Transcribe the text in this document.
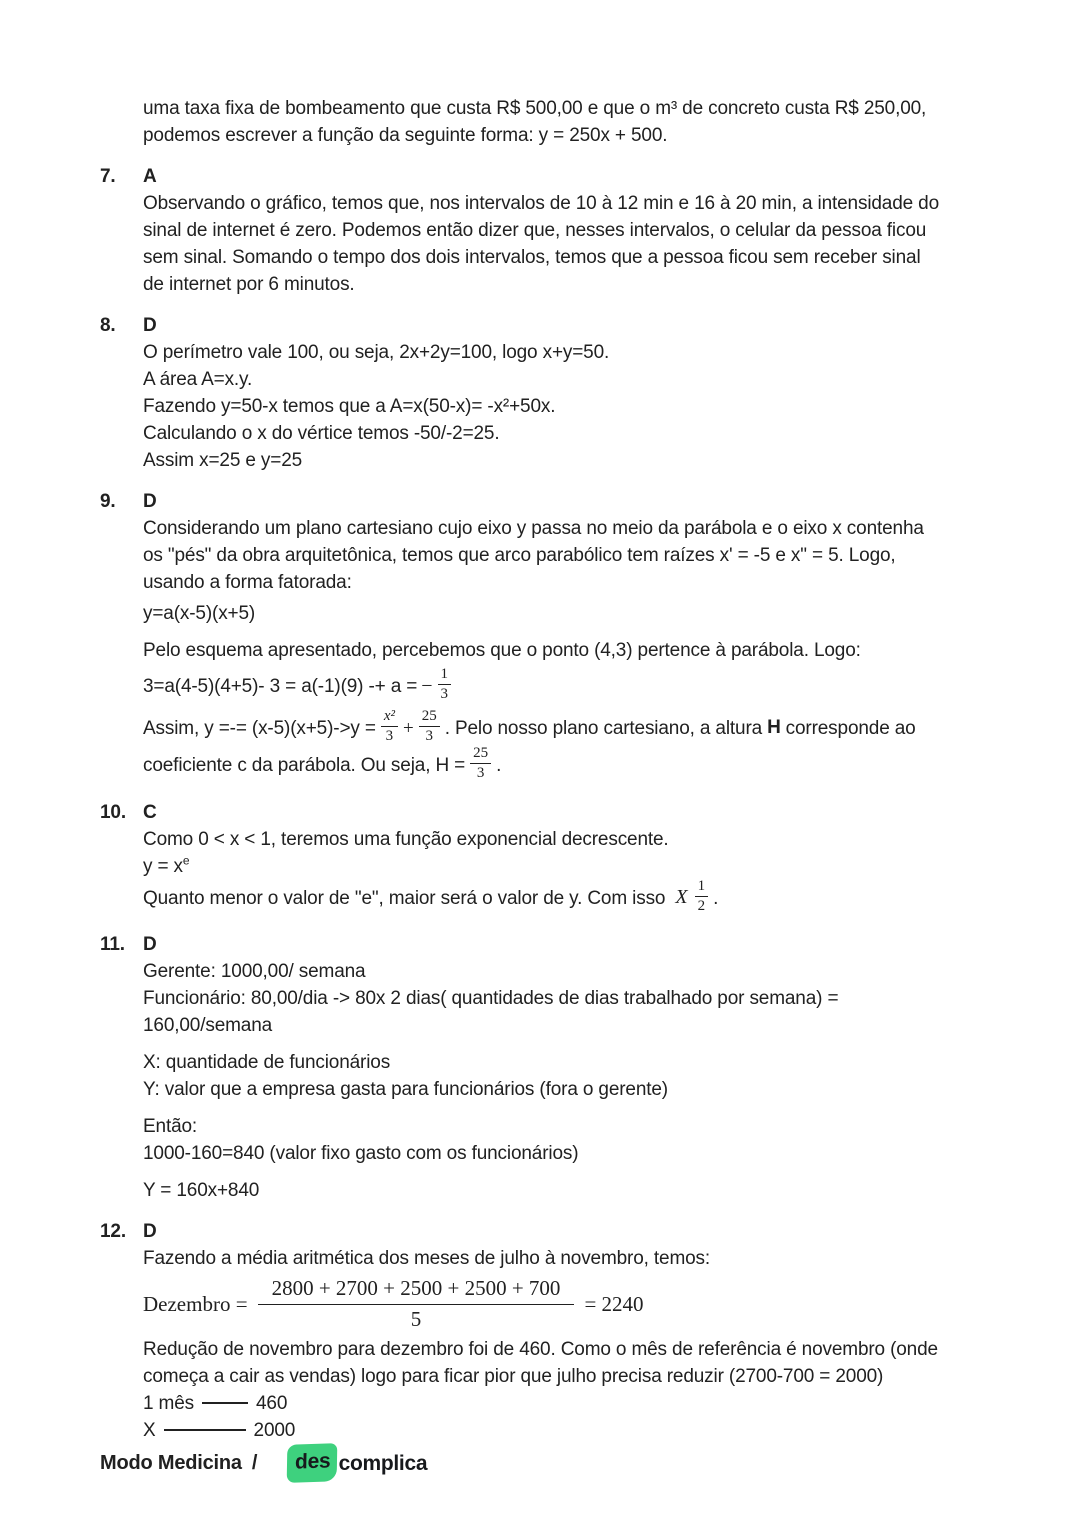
uma taxa fixa de bombeamento que custa R$ 500,00 e que o m³ de concreto custa R$ 250,00,
podemos escrever a função da seguinte forma: y = 250x + 500.
7.	A
Observando o gráfico, temos que, nos intervalos de 10 à 12 min e 16 à 20 min, a intensidade do
sinal de internet é zero. Podemos então dizer que, nesses intervalos, o celular da pessoa ficou
sem sinal. Somando o tempo dos dois intervalos, temos que a pessoa ficou sem receber sinal
de internet por 6 minutos.
8.	D
O perímetro vale 100, ou seja, 2x+2y=100, logo x+y=50.
A área A=x.y.
Fazendo y=50-x temos que a A=x(50-x)= -x²+50x.
Calculando o x do vértice temos -50/-2=25.
Assim x=25 e y=25
9.	D
Considerando um plano cartesiano cujo eixo y passa no meio da parábola e o eixo x contenha
os "pés" da obra arquitetônica, temos que arco parabólico tem raízes x' = -5 e x" = 5. Logo,
usando a forma fatorada:
y=a(x-5)(x+5)
Pelo esquema apresentado, percebemos que o ponto (4,3) pertence à parábola. Logo:
3=a(4-5)(4+5)- 3 = a(-1)(9) -+ a = − $\frac{1}{3}$
Assim, y =-= $(x-5)(x+5)->y = \frac{\text{x²}}{3} + \frac{25}{3}$ . Pelo nosso plano cartesiano, a altura H corresponde ao
coeficiente c da parábola. Ou seja, $H = \frac{25}{3}$ .
10. C
Como 0 < x < 1, teremos uma função exponencial decrescente.
$y = x^e$
Quanto menor o valor de "e", maior será o valor de y. Com isso X $\frac{1}{2}$ .
11. D
Gerente: 1000,00/ semana
Funcionário: 80,00/dia -> 80x 2 dias( quantidades de dias trabalhado por semana) =
160,00/semana
X: quantidade de funcionários
Y: valor que a empresa gasta para funcionários (fora o gerente)
Então:
1000-160=840 (valor fixo gasto com os funcionários)
Y = 160x+840
12. D
Fazendo a média aritmética dos meses de julho à novembro, temos:
Dezembro = $\frac{2800 + 2700 + 2500 + 2500 + 700}{5} = 2240$
Redução de novembro para dezembro foi de 460. Como o mês de referência é novembro (onde
começa a cair as vendas) logo para ficar pior que julho precisa reduzir (2700-700 = 2000)
1 mês	460
X	2000
Modo Medicina /	des complica
